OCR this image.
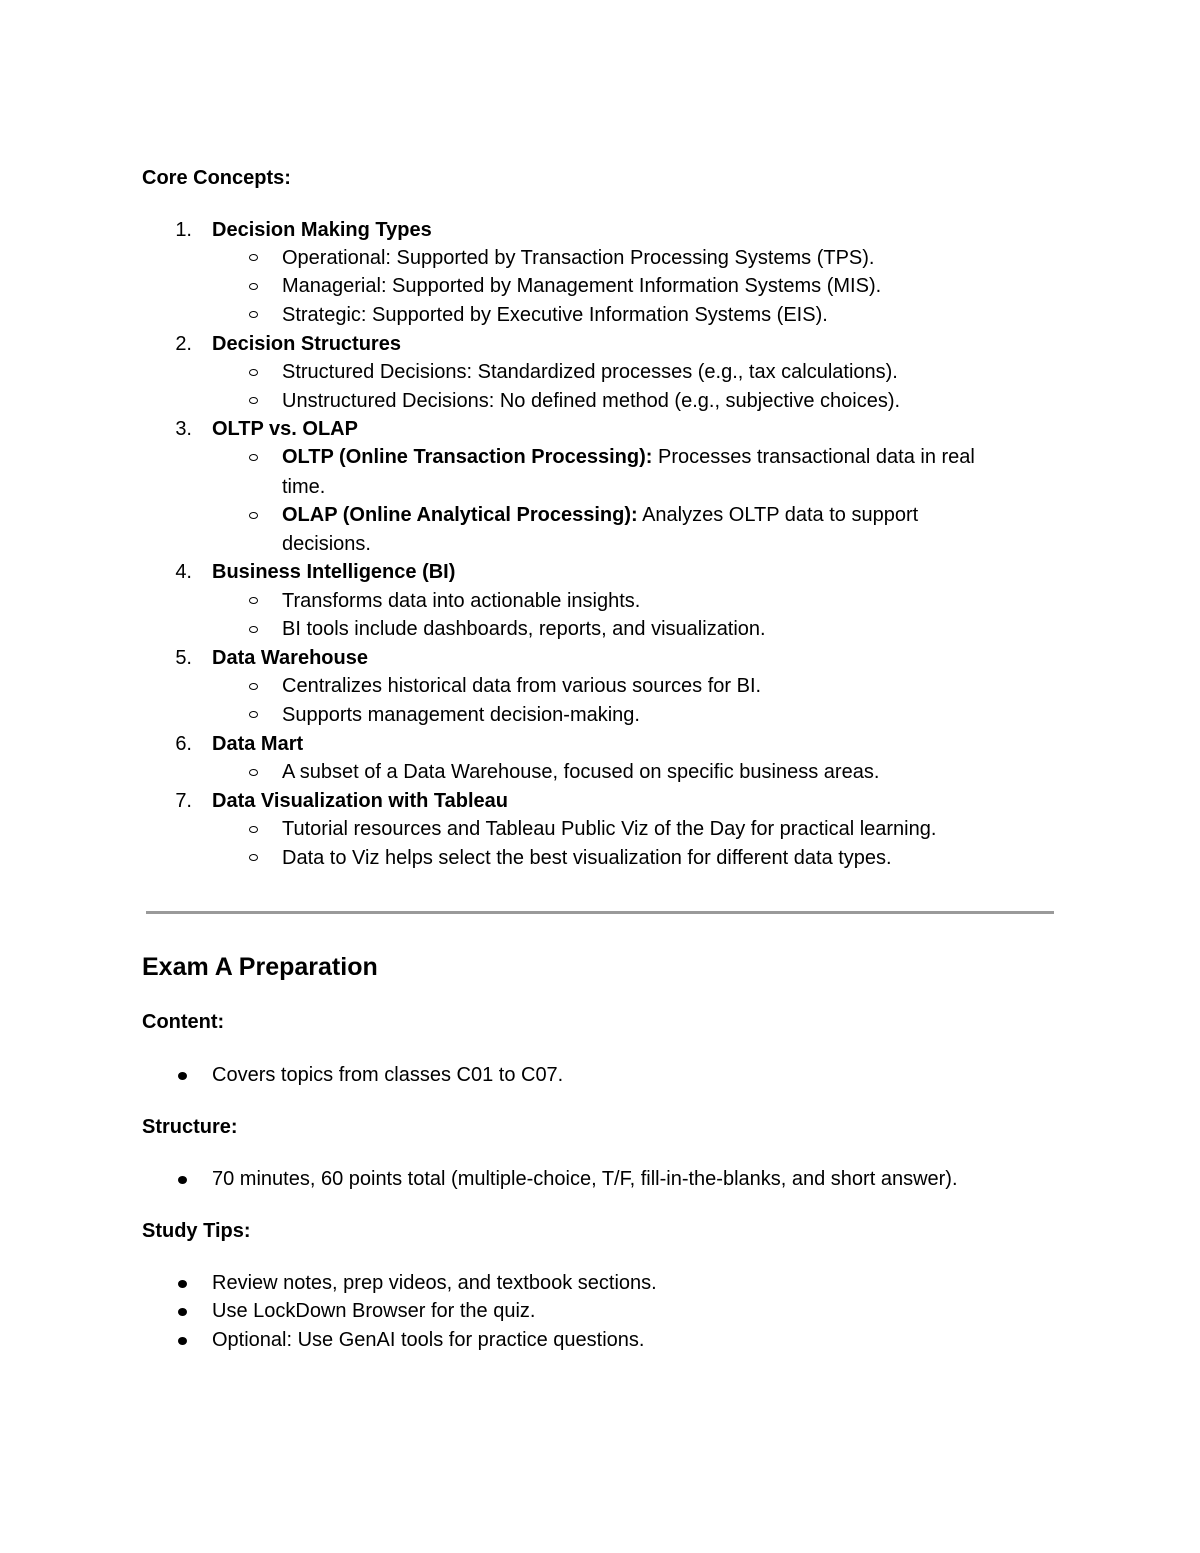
Core Concepts:
1. Decision Making Types
Operational: Supported by Transaction Processing Systems (TPS).
Managerial: Supported by Management Information Systems (MIS).
Strategic: Supported by Executive Information Systems (EIS).
2. Decision Structures
Structured Decisions: Standardized processes (e.g., tax calculations).
Unstructured Decisions: No defined method (e.g., subjective choices).
3. OLTP vs. OLAP
OLTP (Online Transaction Processing): Processes transactional data in real
time.
OLAP (Online Analytical Processing): Analyzes OLTP data to support
decisions.
4. Business Intelligence (BI)
Transforms data into actionable insights.
BI tools include dashboards, reports, and visualization.
5. Data Warehouse
Centralizes historical data from various sources for BI.
Supports management decision-making.
6. Data Mart
A subset of a Data Warehouse, focused on specific business areas.
7. Data Visualization with Tableau
Tutorial resources and Tableau Public Viz of the Day for practical learning.
Data to Viz helps select the best visualization for different data types.
Exam A Preparation
Content:
Covers topics from classes C01 to C07.
Structure:
70 minutes, 60 points total (multiple-choice, T/F, fill-in-the-blanks, and short answer).
Study Tips:
Review notes, prep videos, and textbook sections.
Use LockDown Browser for the quiz.
Optional: Use GenAI tools for practice questions.
